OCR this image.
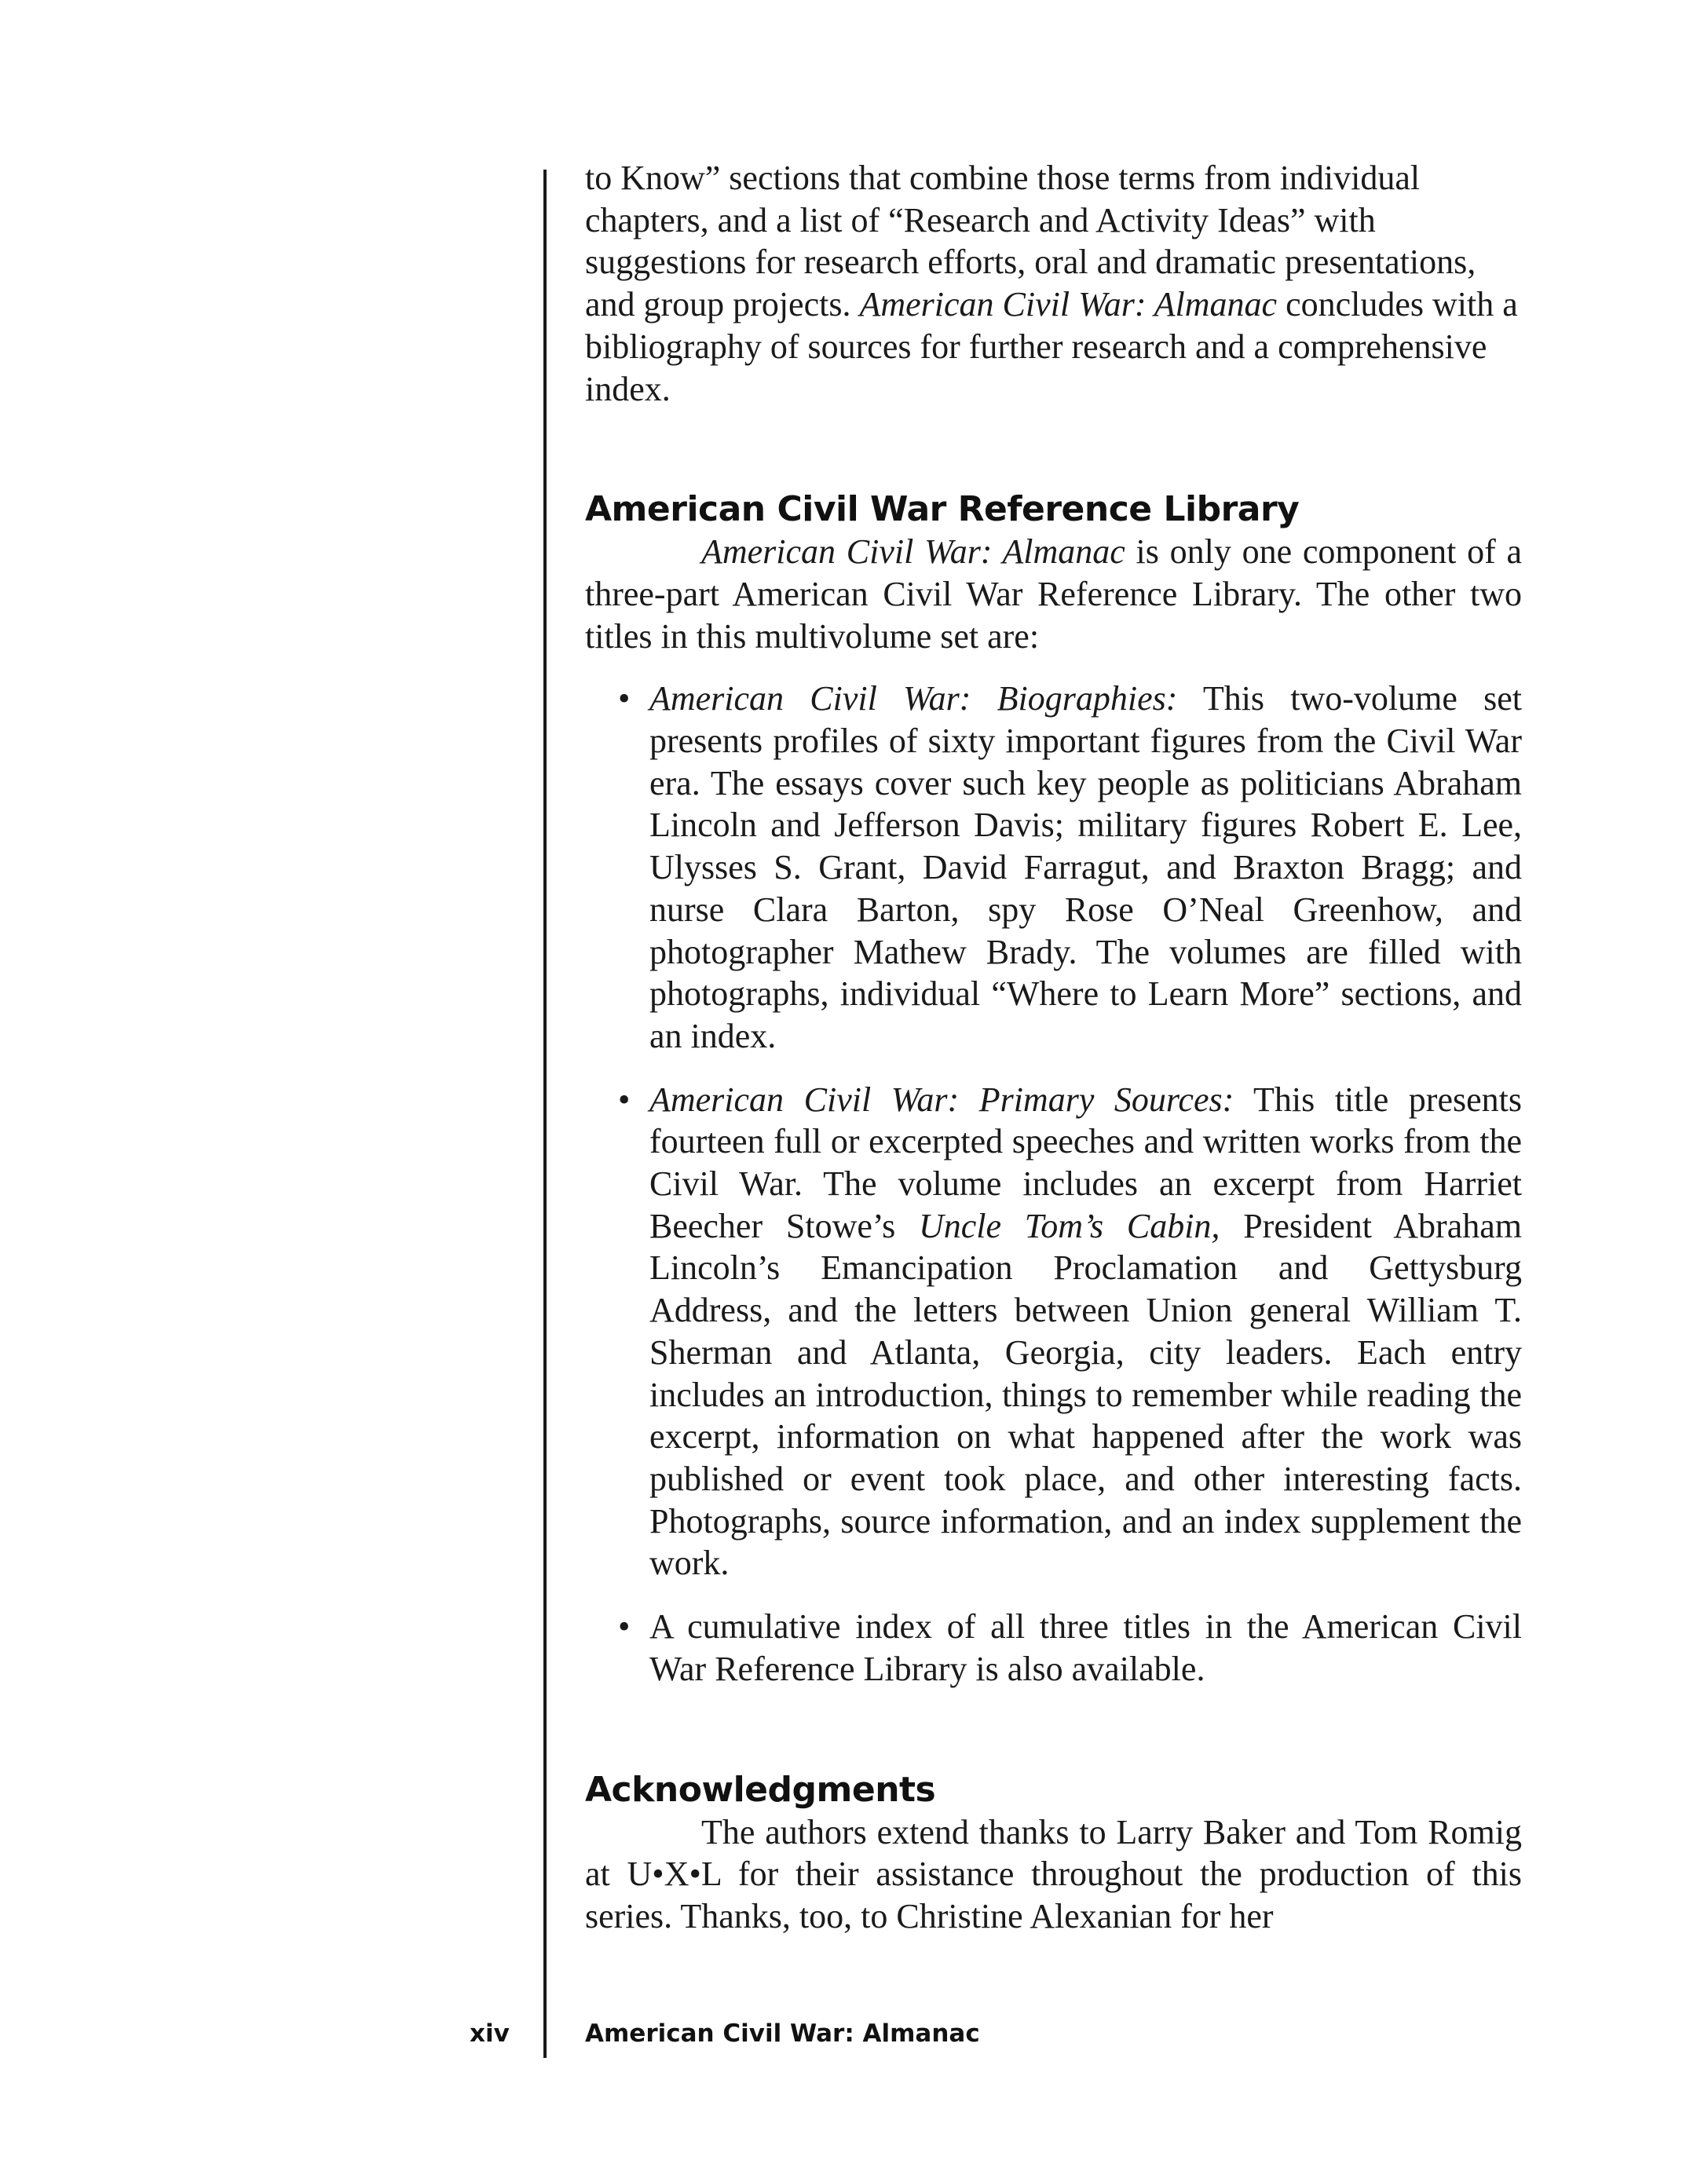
to Know” sections that combine those terms from individual chapters, and a list of “Research and Activity Ideas” with suggestions for research efforts, oral and dramatic presentations, and group projects. American Civil War: Almanac concludes with a bibliography of sources for further research and a comprehensive index.

American Civil War Reference Library

American Civil War: Almanac is only one component of a three-part American Civil War Reference Library. The other two titles in this multivolume set are:

• American Civil War: Biographies: This two-volume set presents profiles of sixty important figures from the Civil War era. The essays cover such key people as politicians Abraham Lincoln and Jefferson Davis; military figures Robert E. Lee, Ulysses S. Grant, David Farragut, and Braxton Bragg; and nurse Clara Barton, spy Rose O’Neal Greenhow, and photographer Mathew Brady. The volumes are filled with photographs, individual “Where to Learn More” sections, and an index.
• American Civil War: Primary Sources: This title presents fourteen full or excerpted speeches and written works from the Civil War. The volume includes an excerpt from Harriet Beecher Stowe’s Uncle Tom’s Cabin, President Abraham Lincoln’s Emancipation Proclamation and Gettysburg Address, and the letters between Union general William T. Sherman and Atlanta, Georgia, city leaders. Each entry includes an introduction, things to remember while reading the excerpt, information on what happened after the work was published or event took place, and other interesting facts. Photographs, source information, and an index supplement the work.
• A cumulative index of all three titles in the American Civil War Reference Library is also available.
Acknowledgments

The authors extend thanks to Larry Baker and Tom Romig at U•X•L for their assistance throughout the production of this series. Thanks, too, to Christine Alexanian for her

xiv	American Civil War: Almanac
